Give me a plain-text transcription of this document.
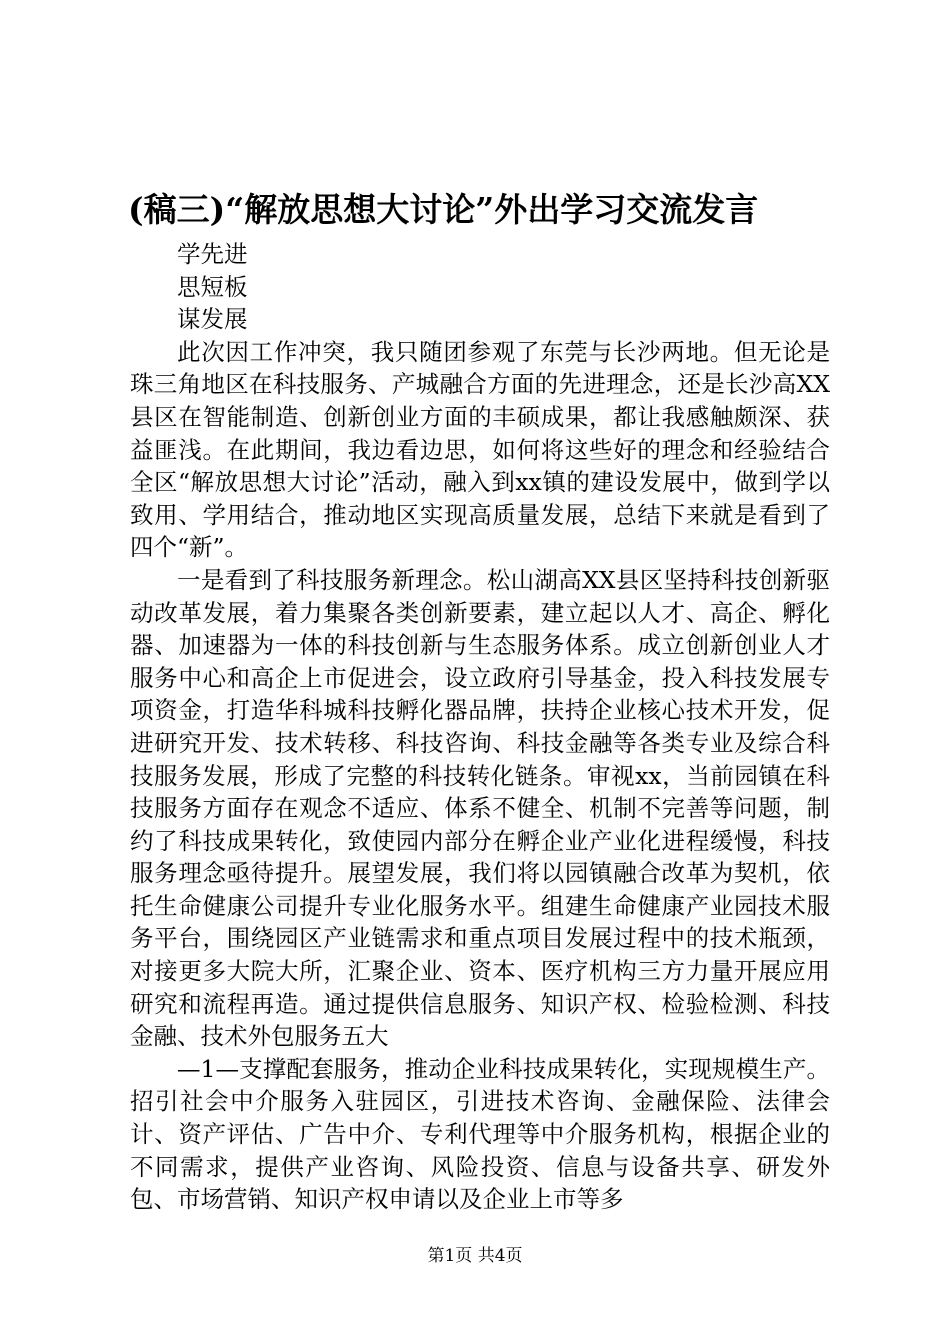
(稿三)“解放思想大讨论”外出学习交流发言

学先进

思短板

谋发展

此次因工作冲突，我只随团参观了东莞与长沙两地。但无论是珠三角地区在科技服务、产城融合方面的先进理念，还是长沙高XX县区在智能制造、创新创业方面的丰硕成果，都让我感触颇深、获益匪浅。在此期间，我边看边思，如何将这些好的理念和经验结合全区“解放思想大讨论”活动，融入到xx镇的建设发展中，做到学以致用、学用结合，推动地区实现高质量发展，总结下来就是看到了四个“新”。

一是看到了科技服务新理念。松山湖高XX县区坚持科技创新驱动改革发展，着力集聚各类创新要素，建立起以人才、高企、孵化器、加速器为一体的科技创新与生态服务体系。成立创新创业人才服务中心和高企上市促进会，设立政府引导基金，投入科技发展专项资金，打造华科城科技孵化器品牌，扶持企业核心技术开发，促进研究开发、技术转移、科技咨询、科技金融等各类专业及综合科技服务发展，形成了完整的科技转化链条。审视xx，当前园镇在科技服务方面存在观念不适应、体系不健全、机制不完善等问题，制约了科技成果转化，致使园内部分在孵企业产业化进程缓慢，科技服务理念亟待提升。展望发展，我们将以园镇融合改革为契机，依托生命健康公司提升专业化服务水平。组建生命健康产业园技术服务平台，围绕园区产业链需求和重点项目发展过程中的技术瓶颈，对接更多大院大所，汇聚企业、资本、医疗机构三方力量开展应用研究和流程再造。通过提供信息服务、知识产权、检验检测、科技金融、技术外包服务五大

—1—支撑配套服务，推动企业科技成果转化，实现规模生产。招引社会中介服务入驻园区，引进技术咨询、金融保险、法律会计、资产评估、广告中介、专利代理等中介服务机构，根据企业的不同需求，提供产业咨询、风险投资、信息与设备共享、研发外包、市场营销、知识产权申请以及企业上市等多

第1页 共4页
